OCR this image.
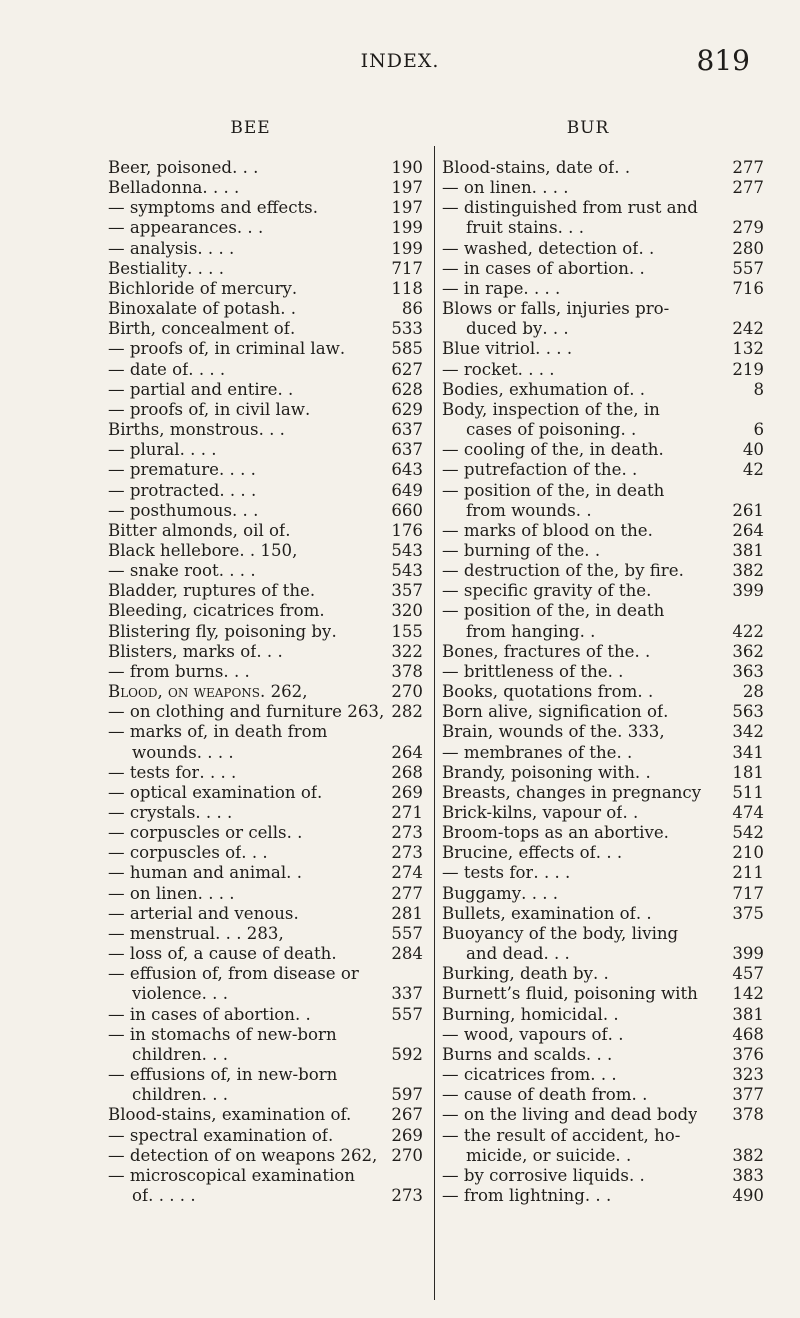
INDEX.	819
BEE
Beer, poisoned . . .	190
Belladonna . . . .	197
— symptoms and effects .	197
— appearances . . .	199
— analysis . . . .	199
Bestiality . . . .	717
Bichloride of mercury .	118
Binoxalate of potash . .	86
Birth, concealment of .	533
— proofs of, in criminal law .	585
— date of . . . .	627
— partial and entire . .	628
— proofs of, in civil law .	629
Births, monstrous . . .	637
— plural . . . .	637
— premature . . . .	643
— protracted . . . .	649
— posthumous . . .	660
Bitter almonds, oil of .	176
Black hellebore . . 150,	543
— snake root . . . .	543
Bladder, ruptures of the .	357
Bleeding, cicatrices from .	320
Blistering fly, poisoning by .	155
Blisters, marks of . . .	322
— from burns . . .	378
Blood, on weapons . 262,	270
— on clothing and furniture 263, 282
— marks of, in death from
wounds . . . .	264
— tests for . . . .	268
— optical examination of .	269
— crystals . . . .	271
— corpuscles or cells . .	273
— corpuscles of . . .	273
— human and animal . .	274
— on linen . . . .	277
— arterial and venous .	281
— menstrual . . . 283,	557
— loss of, a cause of death .	284
— effusion of, from disease or
violence . . .	337
— in cases of abortion . .	557
— in stomachs of new-born
children . . .	592
— effusions of, in new-born
children . . .	597
Blood-stains, examination of.	267
— spectral examination of .	269
— detection of on weapons 262, 270
— microscopical examination
of . . . . .	273
BUR
Blood-stains, date of . .	277
— on linen . . . .	277
— distinguished from rust and
fruit stains . . .	279
— washed, detection of . .	280
— in cases of abortion . .	557
— in rape . . . .	716
Blows or falls, injuries pro-
duced by . . .	242
Blue vitriol . . . .	132
— rocket . . . .	219
Bodies, exhumation of . .	8
Body, inspection of the, in
cases of poisoning . .	6
— cooling of the, in death .	40
— putrefaction of the . .	42
— position of the, in death
from wounds . .	261
— marks of blood on the .	264
— burning of the . .	381
— destruction of the, by fire .	382
— specific gravity of the .	399
— position of the, in death
from hanging . .	422
Bones, fractures of the . .	362
— brittleness of the . .	363
Books, quotations from . .	28
Born alive, signification of .	563
Brain, wounds of the . 333,	342
— membranes of the . .	341
Brandy, poisoning with . .	181
Breasts, changes in pregnancy	511
Brick-kilns, vapour of . .	474
Broom-tops as an abortive .	542
Brucine, effects of . . .	210
— tests for . . . .	211
Buggamy . . . .	717
Bullets, examination of . .	375
Buoyancy of the body, living
and dead . . .	399
Burking, death by . .	457
Burnett’s fluid, poisoning with	142
Burning, homicidal . .	381
— wood, vapours of . .	468
Burns and scalds . . .	376
— cicatrices from . . .	323
— cause of death from . .	377
— on the living and dead body	378
— the result of accident, ho-
micide, or suicide . .	382
— by corrosive liquids . .	383
— from lightning . . .	490
